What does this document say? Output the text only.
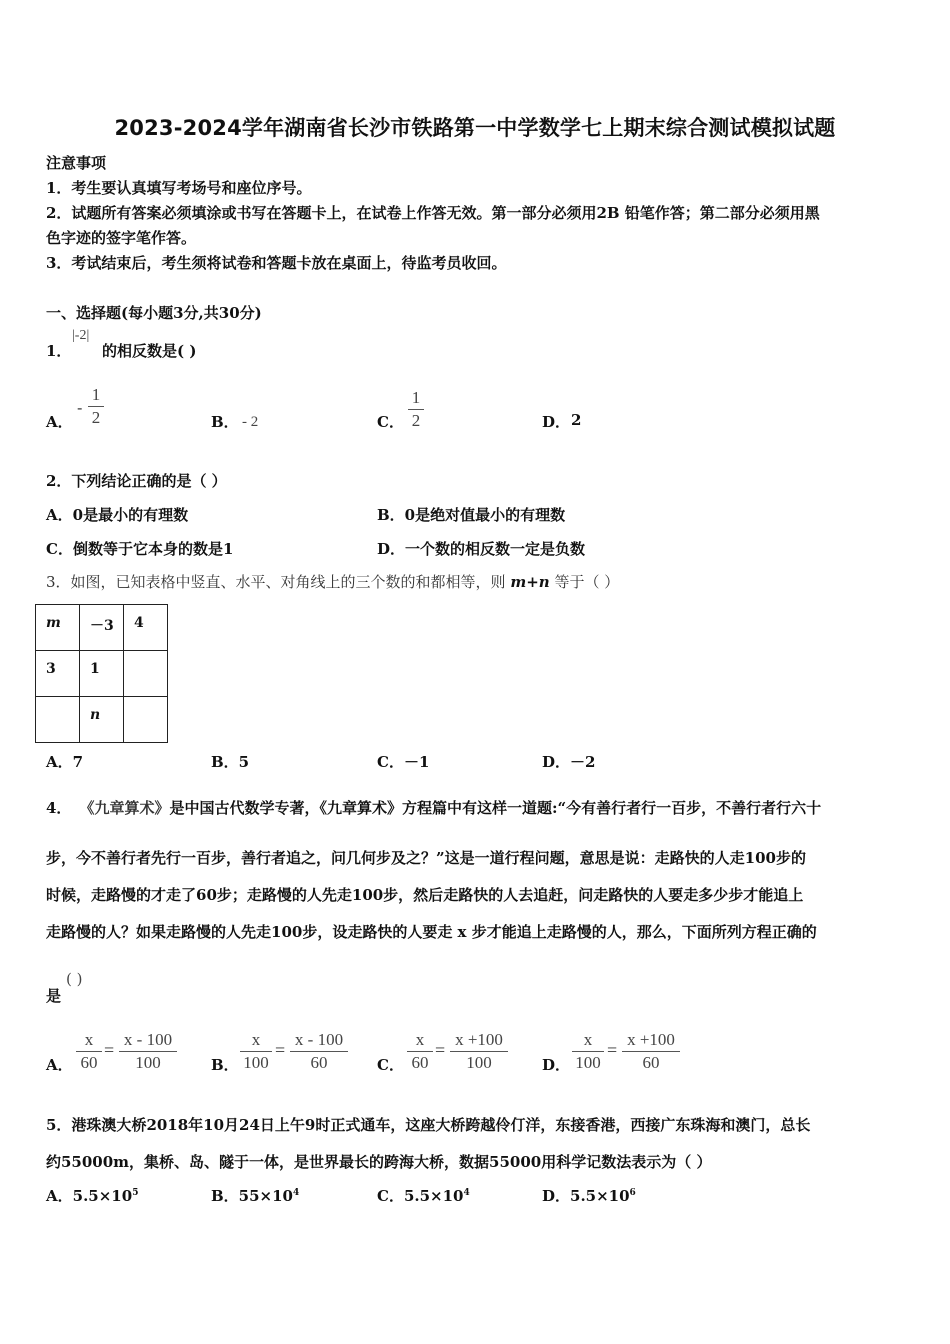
2023-2024学年湖南省长沙市铁路第一中学数学七上期末综合测试模拟试题
注意事项
1．考生要认真填写考场号和座位序号。
2．试题所有答案必须填涂或书写在答题卡上，在试卷上作答无效。第一部分必须用2B 铅笔作答；第二部分必须用黑
色字迹的签字笔作答。
3．考试结束后，考生须将试卷和答题卡放在桌面上，待监考员收回。
一、选择题(每小题3分,共30分)
1．
|-2|
的相反数是( )
A．
-
1
2	B． - 2	C．
1
2	D． 2
2．下列结论正确的是（ ）
A．0是最小的有理数	B．0是绝对值最小的有理数
C．倒数等于它本身的数是1	D．一个数的相反数一定是负数
3．如图，已知表格中竖直、水平、对角线上的三个数的和都相等，则 m+n 等于（ ）
m	－3	4
3	1	
	n	
A．7	B．5	C．－1	D．－2
4． 《九章算术》是中国古代数学专著，《九章算术》方程篇中有这样一道题:“今有善行者行一百步，不善行者行六十
步，今不善行者先行一百步，善行者追之，问几何步及之？”这是一道行程问题，意思是说：走路快的人走100步的
时候，走路慢的才走了60步；走路慢的人先走100步，然后走路快的人去追赶，问走路快的人要走多少步才能追上
走路慢的人？如果走路慢的人先走100步，设走路快的人要走 x 步才能追上走路慢的人，那么，下面所列方程正确的
是
( )
A．
x
60
=
x - 100
100	B．
x
100
=
x - 100
60	C．
x
60
=
x +100
100	D．
x
100
=
x +100
60
5．港珠澳大桥2018年10月24日上午9时正式通车，这座大桥跨越伶仃洋，东接香港，西接广东珠海和澳门，总长
约55000m，集桥、岛、隧于一体，是世界最长的跨海大桥，数据55000用科学记数法表示为（ ）
A．$5.5\times 10^5$	B．$55\times 10^4$	C．$5.5\times 10^4$	D．$5.5\times 10^6$
